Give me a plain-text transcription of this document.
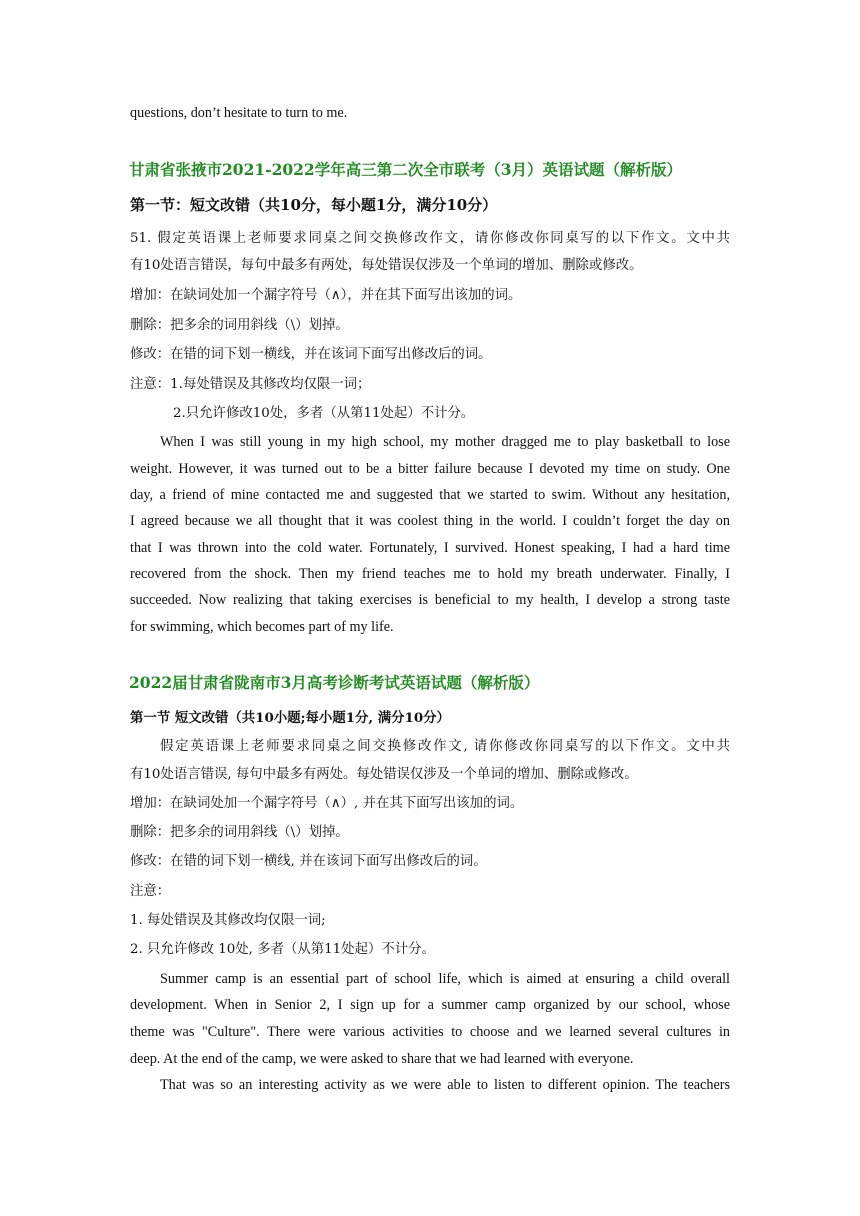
questions, don’t hesitate to turn to me.
甘肃省张掖市2021-2022学年高三第二次全市联考（3月）英语试题（解析版）
第一节：短文改错（共10分，每小题1分，满分10分）
51. 假定英语课上老师要求同桌之间交换修改作文，请你修改你同桌写的以下作文。文中共
有10处语言错误，每句中最多有两处，每处错误仅涉及一个单词的增加、删除或修改。
增加：在缺词处加一个漏字符号（∧），并在其下面写出该加的词。
删除：把多余的词用斜线（\）划掉。
修改：在错的词下划一横线，并在该词下面写出修改后的词。
注意：1.每处错误及其修改均仅限一词；
2.只允许修改10处，多者（从第11处起）不计分。
When I was still young in my high school, my mother dragged me to play basketball to lose
weight. However, it was turned out to be a bitter failure because I devoted my time on study. One
day, a friend of mine contacted me and suggested that we started to swim. Without any hesitation,
I agreed because we all thought that it was coolest thing in the world. I couldn’t forget the day on
that I was thrown into the cold water. Fortunately, I survived. Honest speaking, I had a hard time
recovered from the shock. Then my friend teaches me to hold my breath underwater. Finally, I
succeeded. Now realizing that taking exercises is beneficial to my health, I develop a strong taste
for swimming, which becomes part of my life.
2022届甘肃省陇南市3月高考诊断考试英语试题（解析版）
第一节 短文改错（共10小题;每小题1分, 满分10分）
假定英语课上老师要求同桌之间交换修改作文, 请你修改你同桌写的以下作文。文中共
有10处语言错误, 每句中最多有两处。每处错误仅涉及一个单词的增加、删除或修改。
增加：在缺词处加一个漏字符号（∧）, 并在其下面写出该加的词。
删除：把多余的词用斜线（\）划掉。
修改：在错的词下划一横线, 并在该词下面写出修改后的词。
注意：
1. 每处错误及其修改均仅限一词;
2. 只允许修改 10处, 多者（从第11处起）不计分。
Summer camp is an essential part of school life, which is aimed at ensuring a child overall
development. When in Senior 2, I sign up for a summer camp organized by our school, whose
theme was "Culture". There were various activities to choose and we learned several cultures in
deep. At the end of the camp, we were asked to share that we had learned with everyone.
That was so an interesting activity as we were able to listen to different opinion. The teachers
